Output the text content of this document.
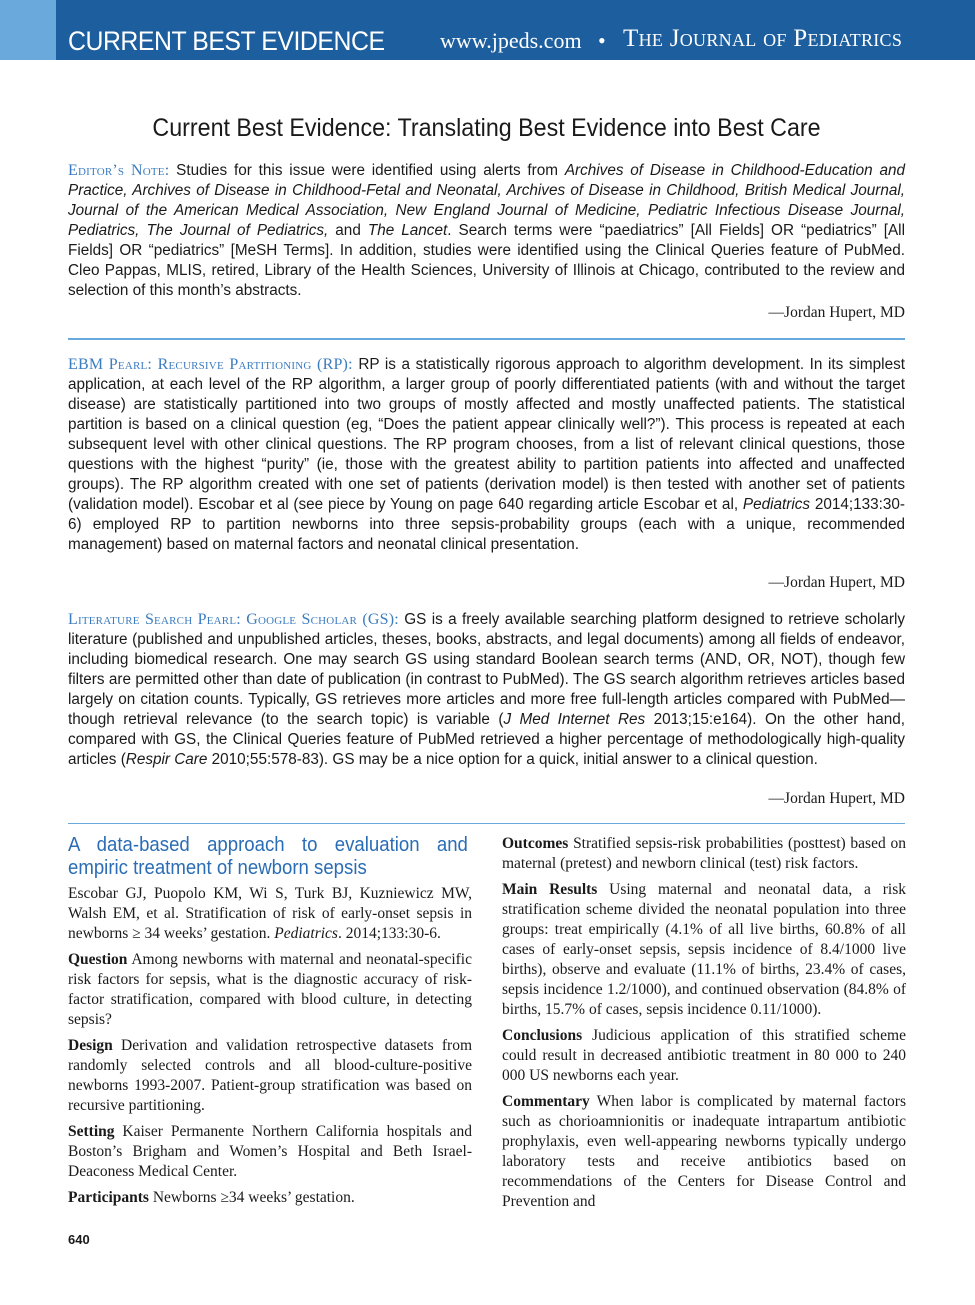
CURRENT BEST EVIDENCE	www.jpeds.com • The Journal of Pediatrics
Current Best Evidence: Translating Best Evidence into Best Care
Editor’s Note: Studies for this issue were identified using alerts from Archives of Disease in Childhood-Education and Practice, Archives of Disease in Childhood-Fetal and Neonatal, Archives of Disease in Childhood, British Medical Journal, Journal of the American Medical Association, New England Journal of Medicine, Pediatric Infectious Disease Journal, Pediatrics, The Journal of Pediatrics, and The Lancet. Search terms were “paediatrics” [All Fields] OR “pediatrics” [All Fields] OR “pediatrics” [MeSH Terms]. In addition, studies were identified using the Clinical Queries feature of PubMed. Cleo Pappas, MLIS, retired, Library of the Health Sciences, University of Illinois at Chicago, contributed to the review and selection of this month’s abstracts.
—Jordan Hupert, MD
EBM Pearl: Recursive Partitioning (RP): RP is a statistically rigorous approach to algorithm development. In its simplest application, at each level of the RP algorithm, a larger group of poorly differentiated patients (with and without the target disease) are statistically partitioned into two groups of mostly affected and mostly unaffected patients. The statistical partition is based on a clinical question (eg, “Does the patient appear clinically well?”). This process is repeated at each subsequent level with other clinical questions. The RP program chooses, from a list of relevant clinical questions, those questions with the highest “purity” (ie, those with the greatest ability to partition patients into affected and unaffected groups). The RP algorithm created with one set of patients (derivation model) is then tested with another set of patients (validation model). Escobar et al (see piece by Young on page 640 regarding article Escobar et al, Pediatrics 2014;133:30-6) employed RP to partition newborns into three sepsis-probability groups (each with a unique, recommended management) based on maternal factors and neonatal clinical presentation.
—Jordan Hupert, MD
Literature Search Pearl: Google Scholar (GS): GS is a freely available searching platform designed to retrieve scholarly literature (published and unpublished articles, theses, books, abstracts, and legal documents) among all fields of endeavor, including biomedical research. One may search GS using standard Boolean search terms (AND, OR, NOT), though few filters are permitted other than date of publication (in contrast to PubMed). The GS search algorithm retrieves articles based largely on citation counts. Typically, GS retrieves more articles and more free full-length articles compared with PubMed—though retrieval relevance (to the search topic) is variable (J Med Internet Res 2013;15:e164). On the other hand, compared with GS, the Clinical Queries feature of PubMed retrieved a higher percentage of methodologically high-quality articles (Respir Care 2010;55:578-83). GS may be a nice option for a quick, initial answer to a clinical question.
—Jordan Hupert, MD
A data-based approach to evaluation and empiric treatment of newborn sepsis

Escobar GJ, Puopolo KM, Wi S, Turk BJ, Kuzniewicz MW, Walsh EM, et al. Stratification of risk of early-onset sepsis in newborns ≥ 34 weeks’ gestation. Pediatrics. 2014;133:30-6.

Question Among newborns with maternal and neonatal-specific risk factors for sepsis, what is the diagnostic accuracy of risk-factor stratification, compared with blood culture, in detecting sepsis?

Design Derivation and validation retrospective datasets from randomly selected controls and all blood-culture-positive newborns 1993-2007. Patient-group stratification was based on recursive partitioning.

Setting Kaiser Permanente Northern California hospitals and Boston’s Brigham and Women’s Hospital and Beth Israel-Deaconess Medical Center.

Participants Newborns ≥34 weeks’ gestation.

Outcomes Stratified sepsis-risk probabilities (posttest) based on maternal (pretest) and newborn clinical (test) risk factors.

Main Results Using maternal and neonatal data, a risk stratification scheme divided the neonatal population into three groups: treat empirically (4.1% of all live births, 60.8% of all cases of early-onset sepsis, sepsis incidence of 8.4/1000 live births), observe and evaluate (11.1% of births, 23.4% of cases, sepsis incidence 1.2/1000), and continued observation (84.8% of births, 15.7% of cases, sepsis incidence 0.11/1000).

Conclusions Judicious application of this stratified scheme could result in decreased antibiotic treatment in 80 000 to 240 000 US newborns each year.

Commentary When labor is complicated by maternal factors such as chorioamnionitis or inadequate intrapartum antibiotic prophylaxis, even well-appearing newborns typically undergo laboratory tests and receive antibiotics based on recommendations of the Centers for Disease Control and Prevention and

640
